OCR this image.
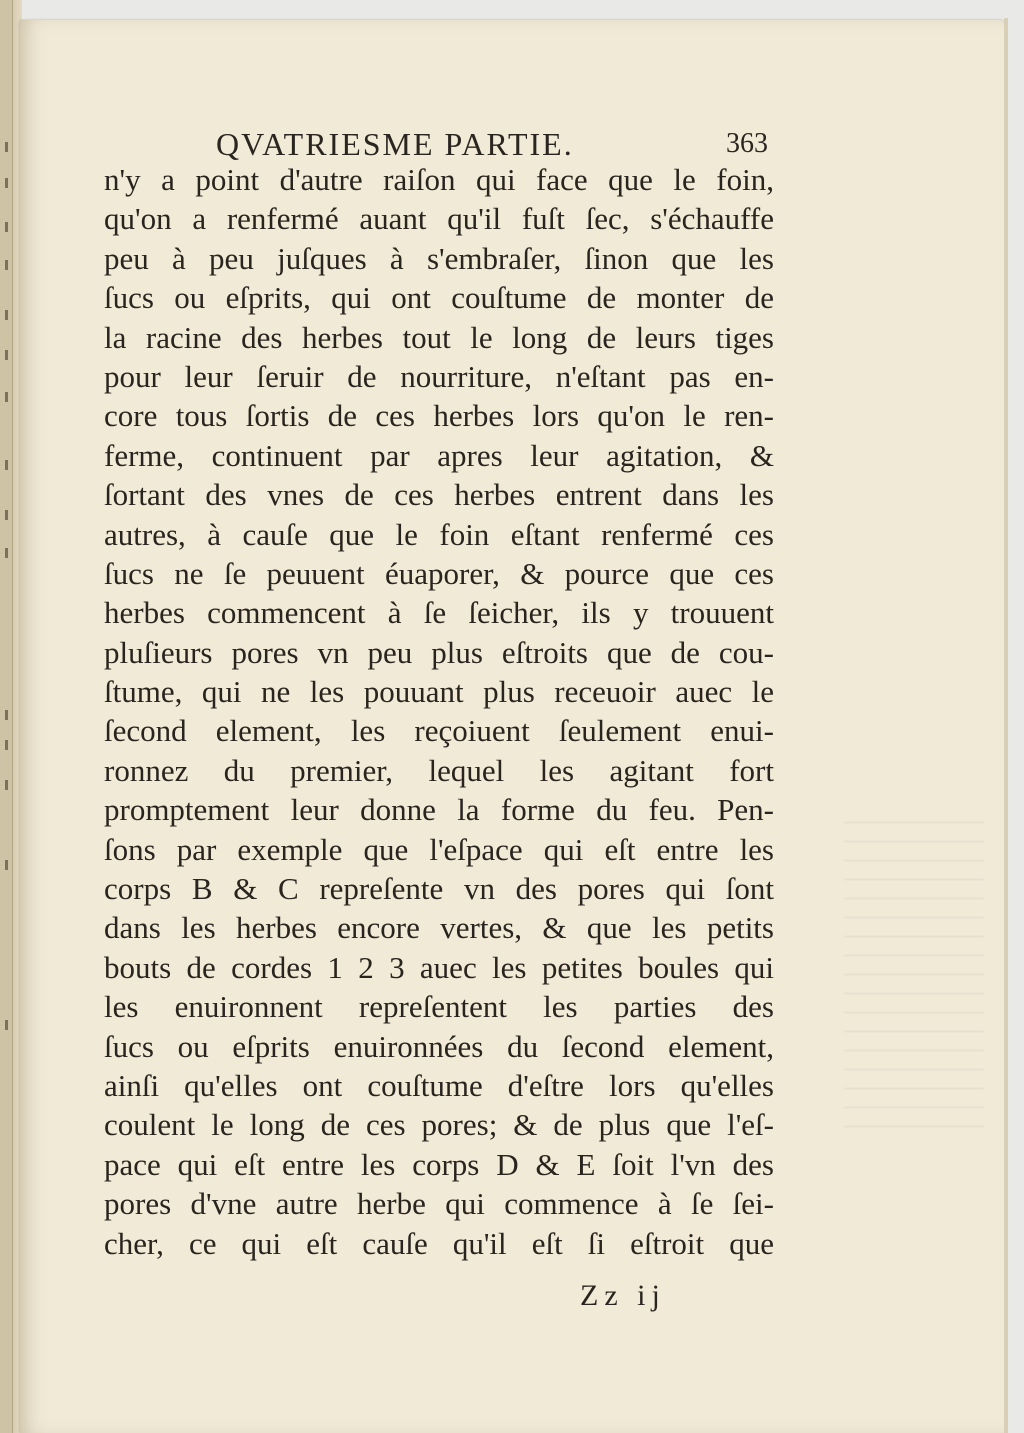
QVATRIESME PARTIE.	363
n'y a point d'autre raiſon qui face que le foin,
qu'on a renfermé auant qu'il fuſt ſec, s'échauffe
peu à peu juſques à s'embraſer, ſinon que les
ſucs ou eſprits, qui ont couſtume de monter de
la racine des herbes tout le long de leurs tiges
pour leur ſeruir de nourriture, n'eſtant pas en-
core tous ſortis de ces herbes lors qu'on le ren-
ferme, continuent par apres leur agitation, &
ſortant des vnes de ces herbes entrent dans les
autres, à cauſe que le foin eſtant renfermé ces
ſucs ne ſe peuuent éuaporer, & pource que ces
herbes commencent à ſe ſeicher, ils y trouuent
pluſieurs pores vn peu plus eſtroits que de cou-
ſtume, qui ne les pouuant plus receuoir auec le
ſecond element, les reçoiuent ſeulement enui-
ronnez du premier, lequel les agitant fort
promptement leur donne la forme du feu. Pen-
ſons par exemple que l'eſpace qui eſt entre les
corps B & C repreſente vn des pores qui ſont
dans les herbes encore vertes, & que les petits
bouts de cordes 1 2 3 auec les petites boules qui
les enuironnent repreſentent les parties des
ſucs ou eſprits enuironnées du ſecond element,
ainſi qu'elles ont couſtume d'eſtre lors qu'elles
coulent le long de ces pores; & de plus que l'eſ-
pace qui eſt entre les corps D & E ſoit l'vn des
pores d'vne autre herbe qui commence à ſe ſei-
cher, ce qui eſt cauſe qu'il eſt ſi eſtroit que
Zz ij
